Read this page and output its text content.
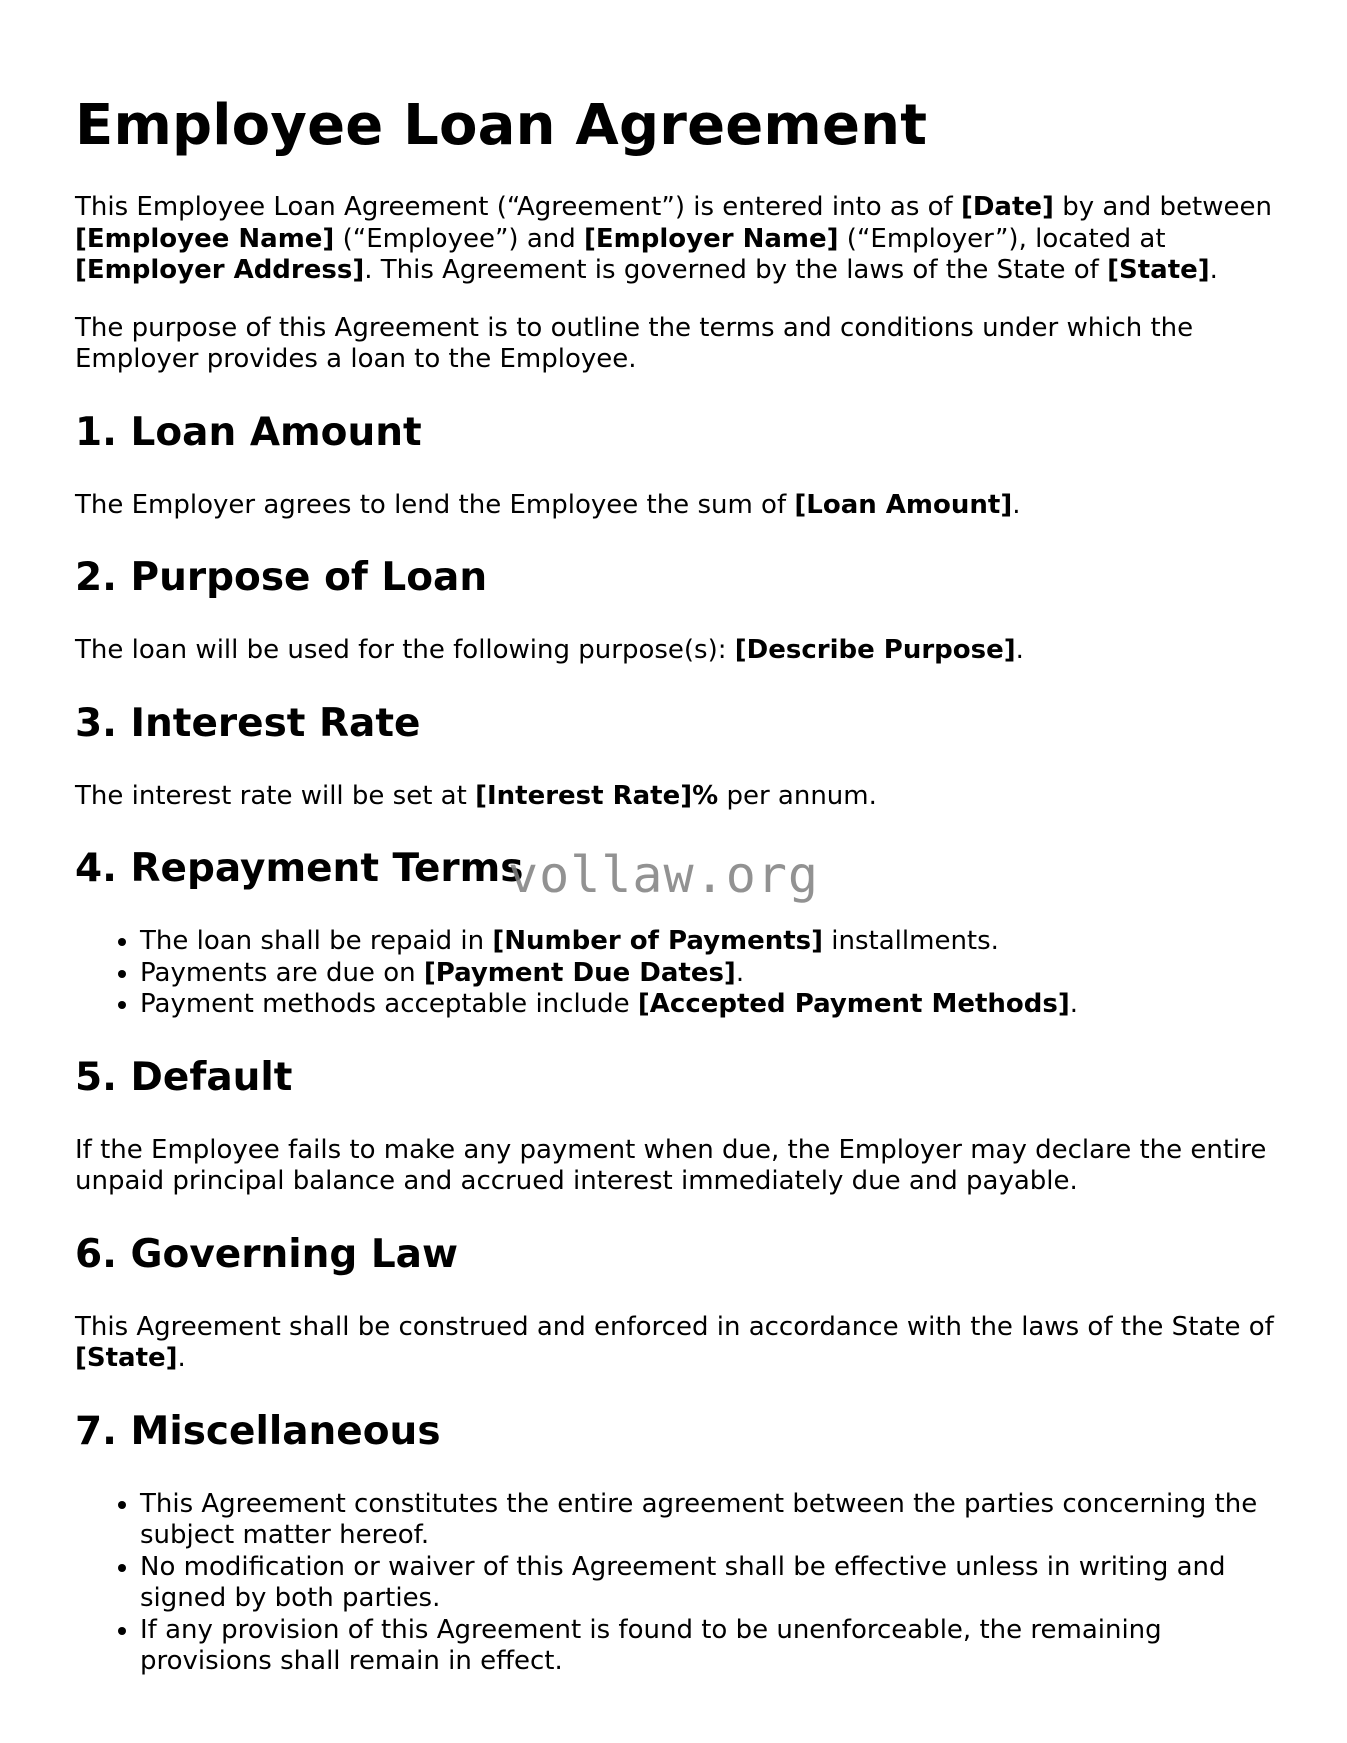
Employee Loan Agreement

This Employee Loan Agreement (“Agreement”) is entered into as of [Date] by and between [Employee Name] (“Employee”) and [Employer Name] (“Employer”), located at [Employer Address]. This Agreement is governed by the laws of the State of [State].

The purpose of this Agreement is to outline the terms and conditions under which the Employer provides a loan to the Employee.

1. Loan Amount

The Employer agrees to lend the Employee the sum of [Loan Amount].

2. Purpose of Loan

The loan will be used for the following purpose(s): [Describe Purpose].

3. Interest Rate

The interest rate will be set at [Interest Rate]% per annum.

4. Repayment Terms
• The loan shall be repaid in [Number of Payments] installments.
• Payments are due on [Payment Due Dates].
• Payment methods acceptable include [Accepted Payment Methods].
5. Default

If the Employee fails to make any payment when due, the Employer may declare the entire unpaid principal balance and accrued interest immediately due and payable.

6. Governing Law

This Agreement shall be construed and enforced in accordance with the laws of the State of [State].

7. Miscellaneous
• This Agreement constitutes the entire agreement between the parties concerning the subject matter hereof.
• No modification or waiver of this Agreement shall be effective unless in writing and signed by both parties.
• If any provision of this Agreement is found to be unenforceable, the remaining provisions shall remain in effect.
vollaw.org
